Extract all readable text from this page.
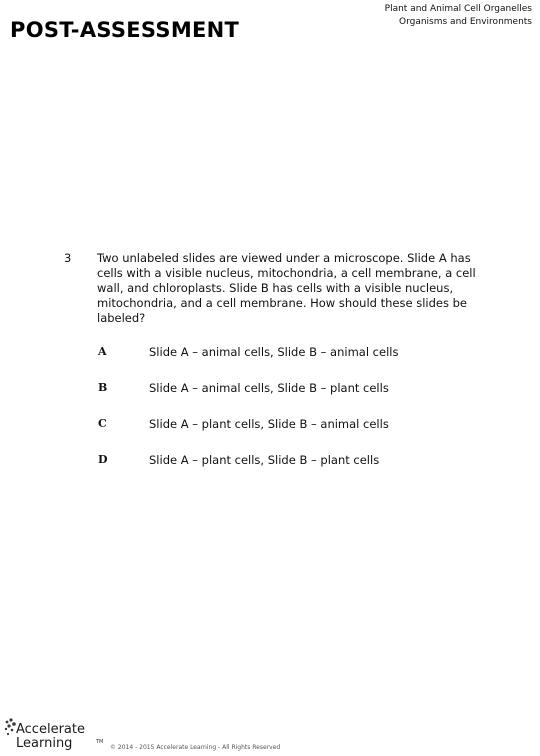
POST-ASSESSMENT
Plant and Animal Cell Organelles
Organisms and Environments
3 Two unlabeled slides are viewed under a microscope. Slide A has cells with a visible nucleus, mitochondria, a cell membrane, a cell wall, and chloroplasts. Slide B has cells with a visible nucleus, mitochondria, and a cell membrane. How should these slides be labeled?
A	Slide A – animal cells, Slide B – animal cells
B	Slide A – animal cells, Slide B – plant cells
C	Slide A – plant cells, Slide B – animal cells
D	Slide A – plant cells, Slide B – plant cells
Accelerate
Learning	TM
© 2014 - 2015 Accelerate Learning - All Rights Reserved
